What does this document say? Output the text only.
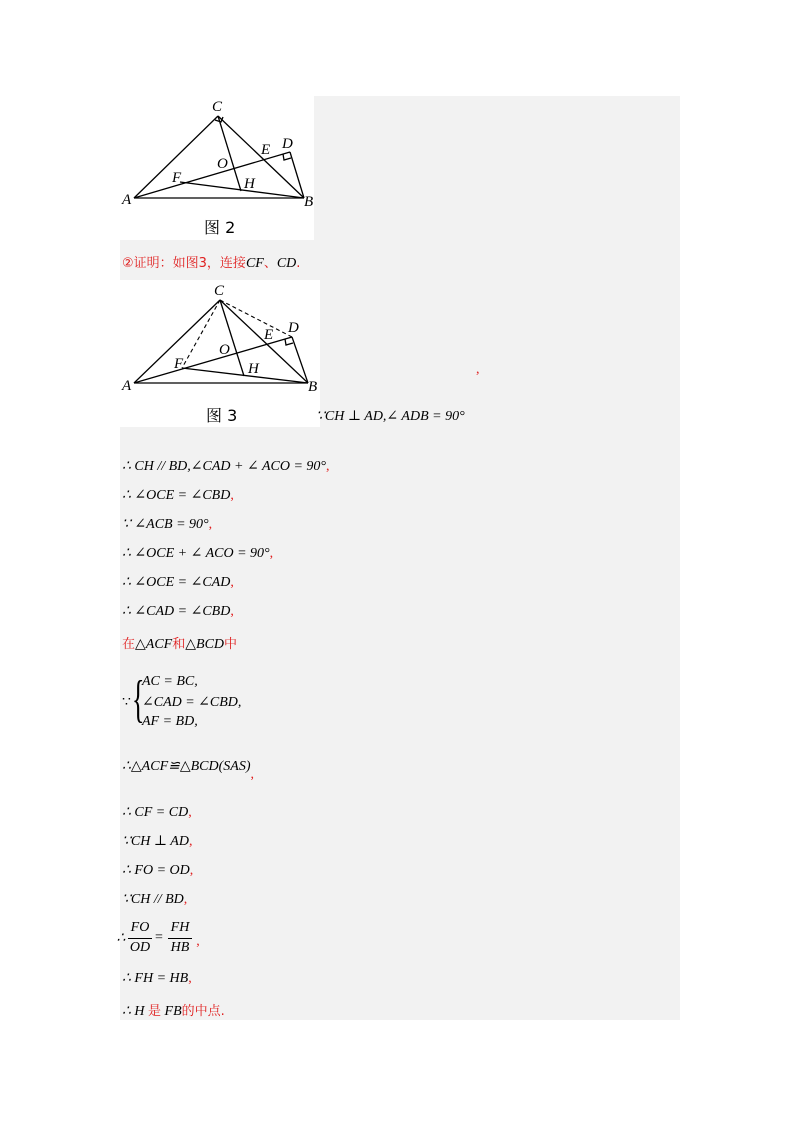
C
D
E
O
F	H
A	B
图 2
②证明：如图3，连接CF、CD.
C
D
E
O
F	H
A	B
图 3
,
∵CH ⊥ AD,∠ ADB = 90°
∴ CH // BD,∠CAD + ∠ ACO = 90°,
∴ ∠OCE = ∠CBD,
∵ ∠ACB = 90°,
∴ ∠OCE + ∠ ACO = 90°,
∴ ∠OCE = ∠CAD,
∴ ∠CAD = ∠CBD,
在△ACF和△BCD中
∵ {
AC = BC,
∠CAD = ∠CBD,
AF = BD,
∴△ACF≌△BCD(SAS),
∴ CF = CD,
∵CH ⊥ AD,
∴ FO = OD,
∵CH // BD,
∴
FO
OD
=
FH
HB ,
∴ FH = HB,
∴ H 是 FB的中点.
